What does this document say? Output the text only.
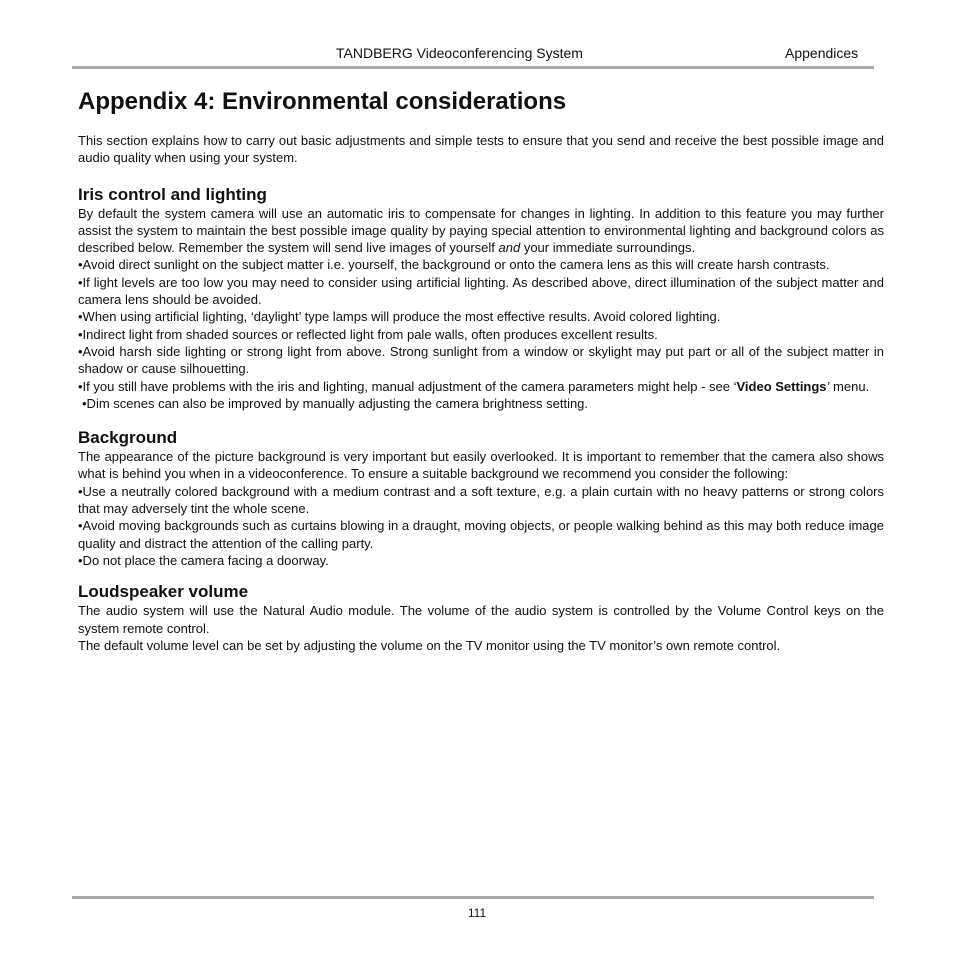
TANDBERG Videoconferencing System	Appendices
Appendix 4: Environmental considerations

This section explains how to carry out basic adjustments and simple tests to ensure that you send and receive the best possible image and audio quality when using your system.

Iris control and lighting

By default the system camera will use an automatic iris to compensate for changes in lighting. In addition to this feature you may further assist the system to maintain the best possible image quality by paying special attention to environmental lighting and background colors as described below. Remember the system will send live images of yourself and your immediate surroundings.

•Avoid direct sunlight on the subject matter i.e. yourself, the background or onto the camera lens as this will create harsh contrasts.

•If light levels are too low you may need to consider using artificial lighting. As described above, direct illumination of the subject matter and camera lens should be avoided.

•When using artificial lighting, ‘daylight’ type lamps will produce the most effective results. Avoid colored lighting.

•Indirect light from shaded sources or reflected light from pale walls, often produces excellent results.

•Avoid harsh side lighting or strong light from above. Strong sunlight from a window or skylight may put part or all of the subject matter in shadow or cause silhouetting.

•If you still have problems with the iris and lighting, manual adjustment of the camera parameters might help - see ‘Video Settings’ menu.

•Dim scenes can also be improved by manually adjusting the camera brightness setting.

Background

The appearance of the picture background is very important but easily overlooked. It is important to remember that the camera also shows what is behind you when in a videoconference. To ensure a suitable background we recommend you consider the following:

•Use a neutrally colored background with a medium contrast and a soft texture, e.g. a plain curtain with no heavy patterns or strong colors that may adversely tint the whole scene.

•Avoid moving backgrounds such as curtains blowing in a draught, moving objects, or people walking behind as this may both reduce image quality and distract the attention of the calling party.

•Do not place the camera facing a doorway.

Loudspeaker volume

The audio system will use the Natural Audio module. The volume of the audio system is controlled by the Volume Control keys on the system remote control.

The default volume level can be set by adjusting the volume on the TV monitor using the TV monitor’s own remote control.

111
